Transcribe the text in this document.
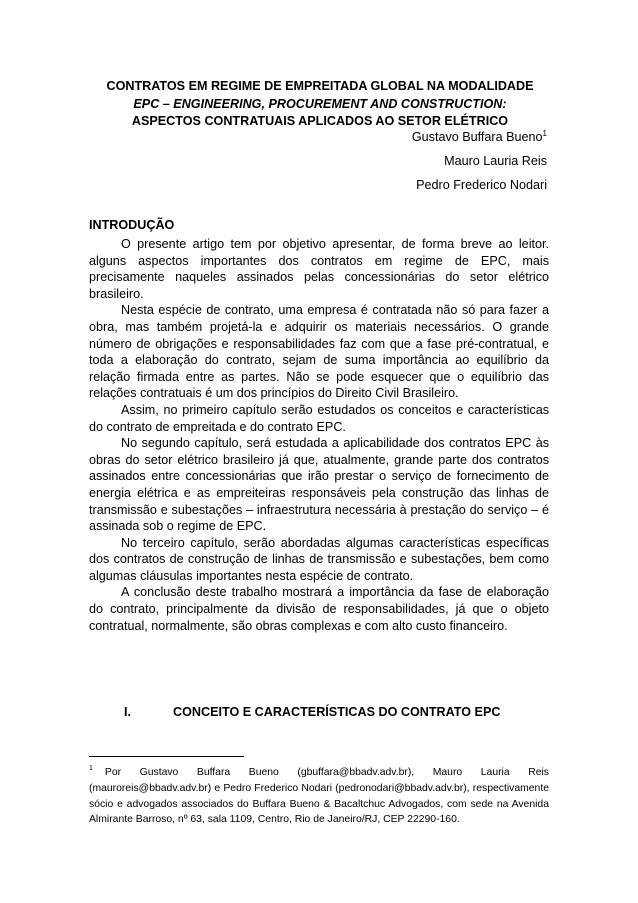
CONTRATOS EM REGIME DE EMPREITADA GLOBAL NA MODALIDADE
EPC – ENGINEERING, PROCUREMENT AND CONSTRUCTION:
ASPECTOS CONTRATUAIS APLICADOS AO SETOR ELÉTRICO
Gustavo Buffara Bueno$^1$
Mauro Lauria Reis
Pedro Frederico Nodari
INTRODUÇÃO

O presente artigo tem por objetivo apresentar, de forma breve ao leitor. alguns aspectos importantes dos contratos em regime de EPC, mais precisamente naqueles assinados pelas concessionárias do setor elétrico brasileiro.

Nesta espécie de contrato, uma empresa é contratada não só para fazer a obra, mas também projetá-la e adquirir os materiais necessários. O grande número de obrigações e responsabilidades faz com que a fase pré-contratual, e toda a elaboração do contrato, sejam de suma importância ao equilíbrio da relação firmada entre as partes. Não se pode esquecer que o equilíbrio das relações contratuais é um dos princípios do Direito Civil Brasileiro.

Assim, no primeiro capítulo serão estudados os conceitos e características do contrato de empreitada e do contrato EPC.

No segundo capítulo, será estudada a aplicabilidade dos contratos EPC às obras do setor elétrico brasileiro já que, atualmente, grande parte dos contratos assinados entre concessionárias que irão prestar o serviço de fornecimento de energia elétrica e as empreiteiras responsáveis pela construção das linhas de transmissão e subestações – infraestrutura necessária à prestação do serviço – é assinada sob o regime de EPC.

No terceiro capítulo, serão abordadas algumas características específicas dos contratos de construção de linhas de transmissão e subestações, bem como algumas cláusulas importantes nesta espécie de contrato.

A conclusão deste trabalho mostrará a importância da fase de elaboração do contrato, principalmente da divisão de responsabilidades, já que o objeto contratual, normalmente, são obras complexas e com alto custo financeiro.

I.	CONCEITO E CARACTERÍSTICAS DO CONTRATO EPC
$^1$ Por Gustavo Buffara Bueno (gbuffara@bbadv.adv.br), Mauro Lauria Reis (mauroreis@bbadv.adv.br) e Pedro Frederico Nodari (pedronodari@bbadv.adv.br), respectivamente sócio e advogados associados do Buffara Bueno & Bacaltchuc Advogados, com sede na Avenida Almirante Barroso, nº 63, sala 1109, Centro, Rio de Janeiro/RJ, CEP 22290-160.
